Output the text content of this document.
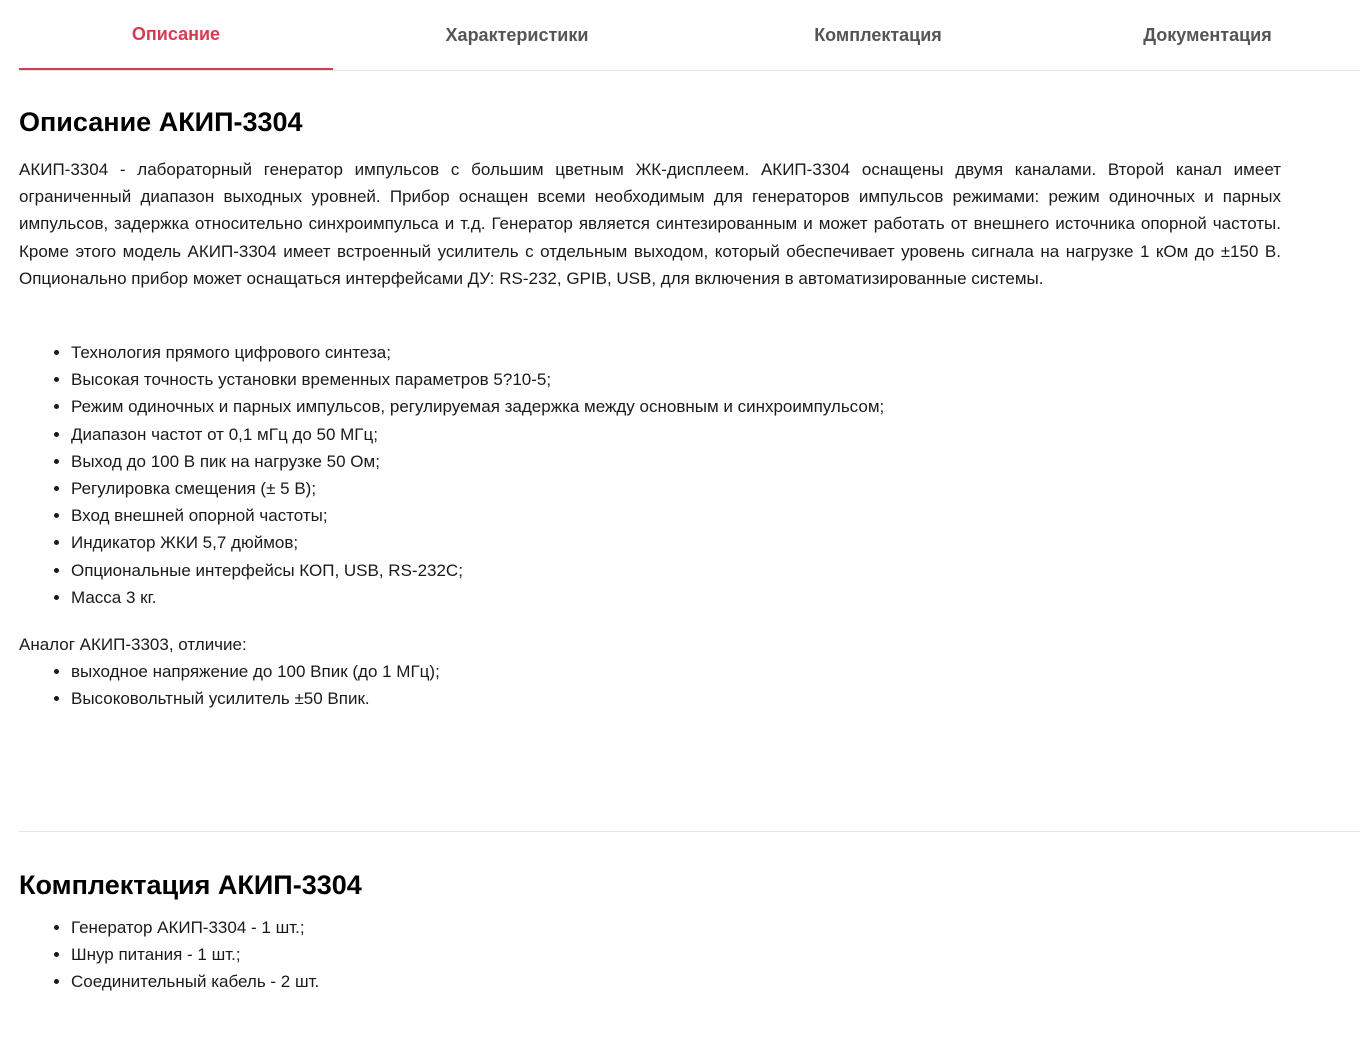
Описание	Характеристики	Комплектация	Документация
Описание АКИП-3304

АКИП-3304 - лабораторный генератор импульсов с большим цветным ЖК-дисплеем. АКИП-3304 оснащены двумя каналами. Второй канал имеет ограниченный диапазон выходных уровней. Прибор оснащен всеми необходимым для генераторов импульсов режимами: режим одиночных и парных импульсов, задержка относительно синхроимпульса и т.д. Генератор является синтезированным и может работать от внешнего источника опорной частоты. Кроме этого модель АКИП-3304 имеет встроенный усилитель с отдельным выходом, который обеспечивает уровень сигнала на нагрузке 1 кОм до ±150 В. Опционально прибор может оснащаться интерфейсами ДУ: RS-232, GPIB, USB, для включения в автоматизированные системы.

• Технология прямого цифрового синтеза;
• Высокая точность установки временных параметров 5?10-5;
• Режим одиночных и парных импульсов, регулируемая задержка между основным и синхроимпульсом;
• Диапазон частот от 0,1 мГц до 50 МГц;
• Выход до 100 В пик на нагрузке 50 Ом;
• Регулировка смещения (± 5 В);
• Вход внешней опорной частоты;
• Индикатор ЖКИ 5,7 дюймов;
• Опциональные интерфейсы КОП, USB, RS-232C;
• Масса 3 кг.
Аналог АКИП-3303, отличие:
• выходное напряжение до 100 Впик (до 1 МГц);
• Высоковольтный усилитель ±50 Впик.
Комплектация АКИП-3304
• Генератор АКИП-3304 - 1 шт.;
• Шнур питания - 1 шт.;
• Соединительный кабель - 2 шт.
